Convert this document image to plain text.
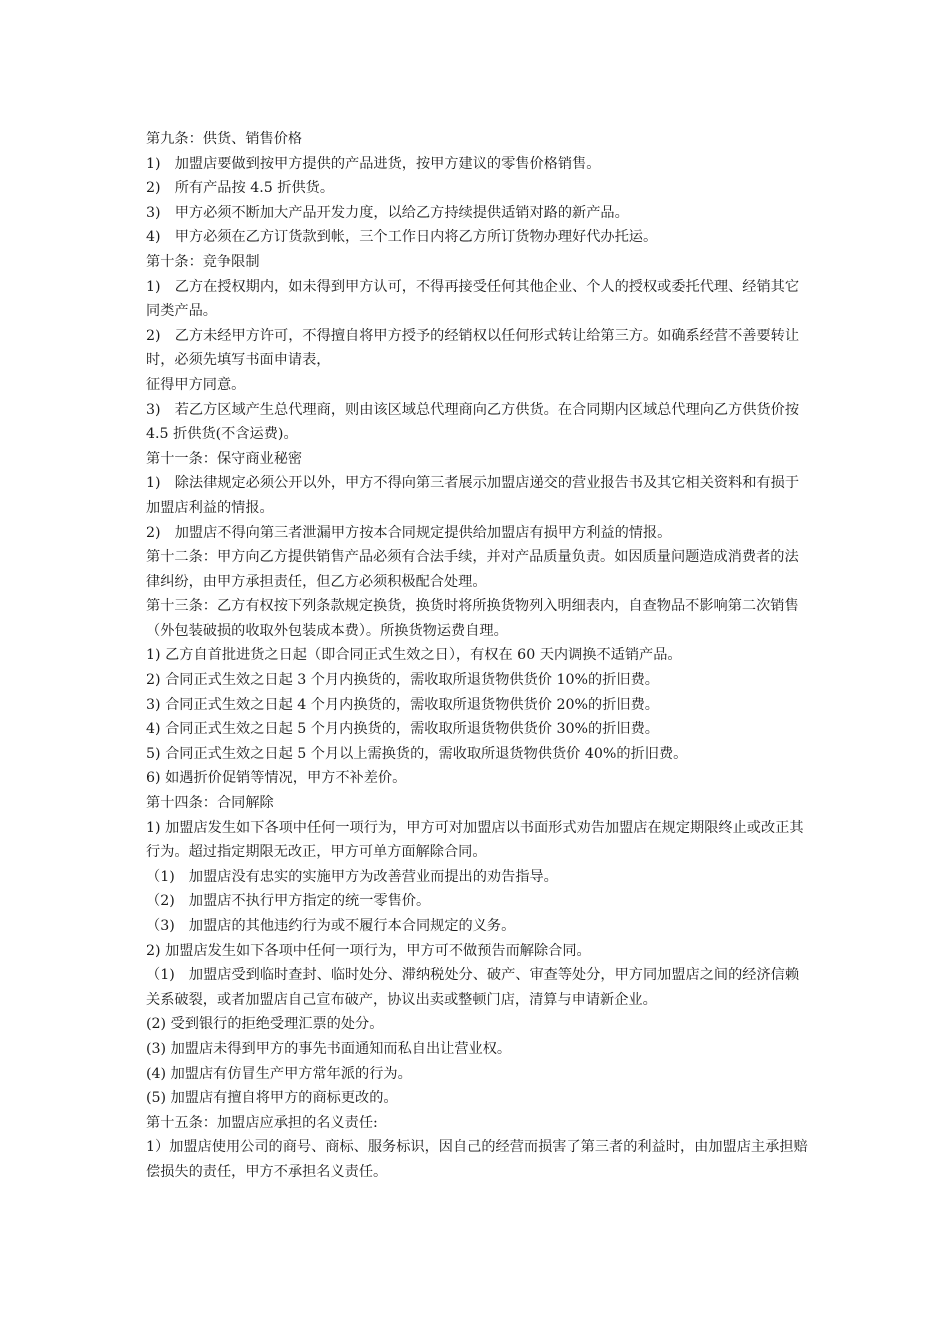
第九条：供货、销售价格

1)　加盟店要做到按甲方提供的产品进货，按甲方建议的零售价格销售。

2)　所有产品按 4.5 折供货。

3)　甲方必须不断加大产品开发力度，以给乙方持续提供适销对路的新产品。

4)　甲方必须在乙方订货款到帐，三个工作日内将乙方所订货物办理好代办托运。

第十条：竞争限制

1)　乙方在授权期内，如未得到甲方认可，不得再接受任何其他企业、个人的授权或委托代理、经销其它同类产品。

2)　乙方未经甲方许可，不得擅自将甲方授予的经销权以任何形式转让给第三方。如确系经营不善要转让时，必须先填写书面申请表，

征得甲方同意。

3)　若乙方区域产生总代理商，则由该区域总代理商向乙方供货。在合同期内区域总代理向乙方供货价按 4.5 折供货(不含运费)。

第十一条：保守商业秘密

1)　除法律规定必须公开以外，甲方不得向第三者展示加盟店递交的营业报告书及其它相关资料和有损于加盟店利益的情报。

2)　加盟店不得向第三者泄漏甲方按本合同规定提供给加盟店有损甲方利益的情报。

第十二条：甲方向乙方提供销售产品必须有合法手续，并对产品质量负责。如因质量问题造成消费者的法律纠纷，由甲方承担责任，但乙方必须积极配合处理。

第十三条：乙方有权按下列条款规定换货，换货时将所换货物列入明细表内，自查物品不影响第二次销售（外包装破损的收取外包装成本费）。所换货物运费自理。

1) 乙方自首批进货之日起（即合同正式生效之日），有权在 60 天内调换不适销产品。

2) 合同正式生效之日起 3 个月内换货的，需收取所退货物供货价 10%的折旧费。

3) 合同正式生效之日起 4 个月内换货的，需收取所退货物供货价 20%的折旧费。

4) 合同正式生效之日起 5 个月内换货的，需收取所退货物供货价 30%的折旧费。

5) 合同正式生效之日起 5 个月以上需换货的，需收取所退货物供货价 40%的折旧费。

6) 如遇折价促销等情况，甲方不补差价。

第十四条：合同解除

1) 加盟店发生如下各项中任何一项行为，甲方可对加盟店以书面形式劝告加盟店在规定期限终止或改正其行为。超过指定期限无改正，甲方可单方面解除合同。

（1)　加盟店没有忠实的实施甲方为改善营业而提出的劝告指导。

（2)　加盟店不执行甲方指定的统一零售价。

（3)　加盟店的其他违约行为或不履行本合同规定的义务。

2) 加盟店发生如下各项中任何一项行为，甲方可不做预告而解除合同。

（1)　加盟店受到临时查封、临时处分、滞纳税处分、破产、审查等处分，甲方同加盟店之间的经济信赖关系破裂，或者加盟店自己宣布破产，协议出卖或整顿门店，清算与申请新企业。

(2) 受到银行的拒绝受理汇票的处分。

(3) 加盟店未得到甲方的事先书面通知而私自出让营业权。

(4) 加盟店有仿冒生产甲方常年派的行为。

(5) 加盟店有擅自将甲方的商标更改的。

第十五条：加盟店应承担的名义责任:

1）加盟店使用公司的商号、商标、服务标识，因自己的经营而损害了第三者的利益时，由加盟店主承担赔偿损失的责任，甲方不承担名义责任。
